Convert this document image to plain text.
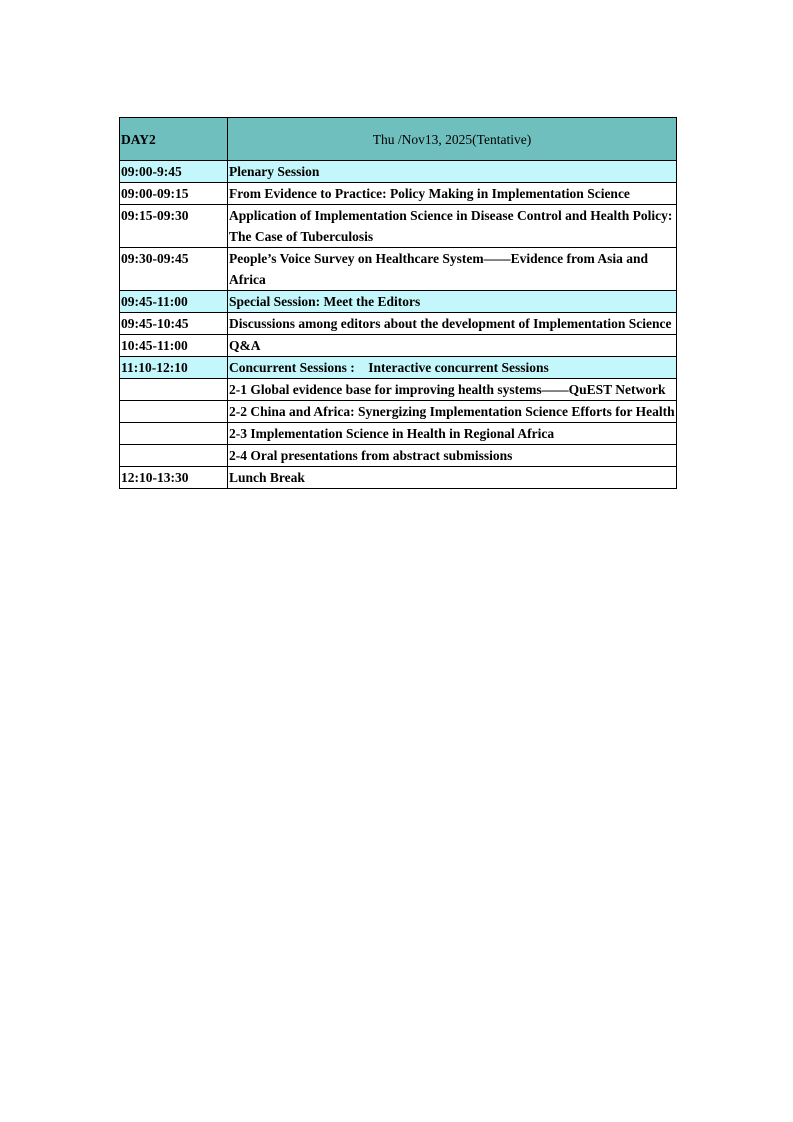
DAY2	Thu /Nov13, 2025(Tentative)
09:00-9:45	Plenary Session
09:00-09:15	From Evidence to Practice: Policy Making in Implementation Science
09:15-09:30	Application of Implementation Science in Disease Control and Health Policy: The Case of Tuberculosis
09:30-09:45	People’s Voice Survey on Healthcare System——Evidence from Asia and Africa
09:45-11:00	Special Session: Meet the Editors
09:45-10:45	Discussions among editors about the development of Implementation Science
10:45-11:00	Q&A
11:10-12:10	Concurrent Sessions :    Interactive concurrent Sessions
	2-1 Global evidence base for improving health systems——QuEST Network
	2-2 China and Africa: Synergizing Implementation Science Efforts for Health
	2-3 Implementation Science in Health in Regional Africa
	2-4 Oral presentations from abstract submissions
12:10-13:30	Lunch Break
